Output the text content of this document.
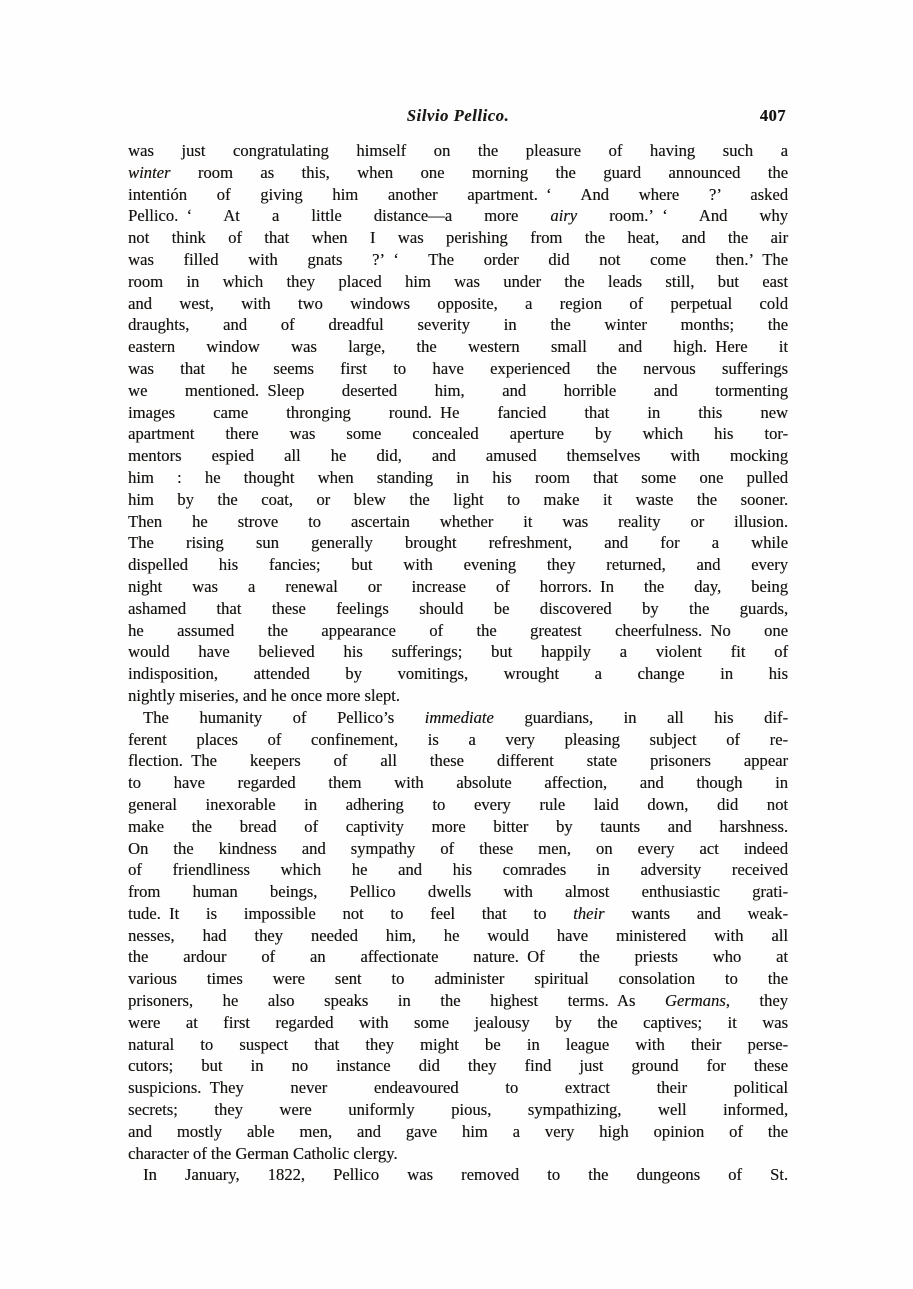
Silvio Pellico.	407
was just congratulating himself on the pleasure of having such a
winter room as this, when one morning the guard announced the
intentión of giving him another apartment. ‘ And where ?’ asked
Pellico. ‘ At a little distance—a more airy room.’ ‘ And why
not think of that when I was perishing from the heat, and the air
was filled with gnats ?’ ‘ The order did not come then.’ The
room in which they placed him was under the leads still, but east
and west, with two windows opposite, a region of perpetual cold
draughts, and of dreadful severity in the winter months; the
eastern window was large, the western small and high. Here it
was that he seems first to have experienced the nervous sufferings
we mentioned. Sleep deserted him, and horrible and tormenting
images came thronging round. He fancied that in this new
apartment there was some concealed aperture by which his tor-
mentors espied all he did, and amused themselves with mocking
him : he thought when standing in his room that some one pulled
him by the coat, or blew the light to make it waste the sooner.
Then he strove to ascertain whether it was reality or illusion.
The rising sun generally brought refreshment, and for a while
dispelled his fancies; but with evening they returned, and every
night was a renewal or increase of horrors. In the day, being
ashamed that these feelings should be discovered by the guards,
he assumed the appearance of the greatest cheerfulness. No one
would have believed his sufferings; but happily a violent fit of
indisposition, attended by vomitings, wrought a change in his
nightly miseries, and he once more slept.
The humanity of Pellico’s immediate guardians, in all his dif-
ferent places of confinement, is a very pleasing subject of re-
flection. The keepers of all these different state prisoners appear
to have regarded them with absolute affection, and though in
general inexorable in adhering to every rule laid down, did not
make the bread of captivity more bitter by taunts and harshness.
On the kindness and sympathy of these men, on every act indeed
of friendliness which he and his comrades in adversity received
from human beings, Pellico dwells with almost enthusiastic grati-
tude. It is impossible not to feel that to their wants and weak-
nesses, had they needed him, he would have ministered with all
the ardour of an affectionate nature. Of the priests who at
various times were sent to administer spiritual consolation to the
prisoners, he also speaks in the highest terms. As Germans, they
were at first regarded with some jealousy by the captives; it was
natural to suspect that they might be in league with their perse-
cutors; but in no instance did they find just ground for these
suspicions. They never endeavoured to extract their political
secrets; they were uniformly pious, sympathizing, well informed,
and mostly able men, and gave him a very high opinion of the
character of the German Catholic clergy.
In January, 1822, Pellico was removed to the dungeons of St.
